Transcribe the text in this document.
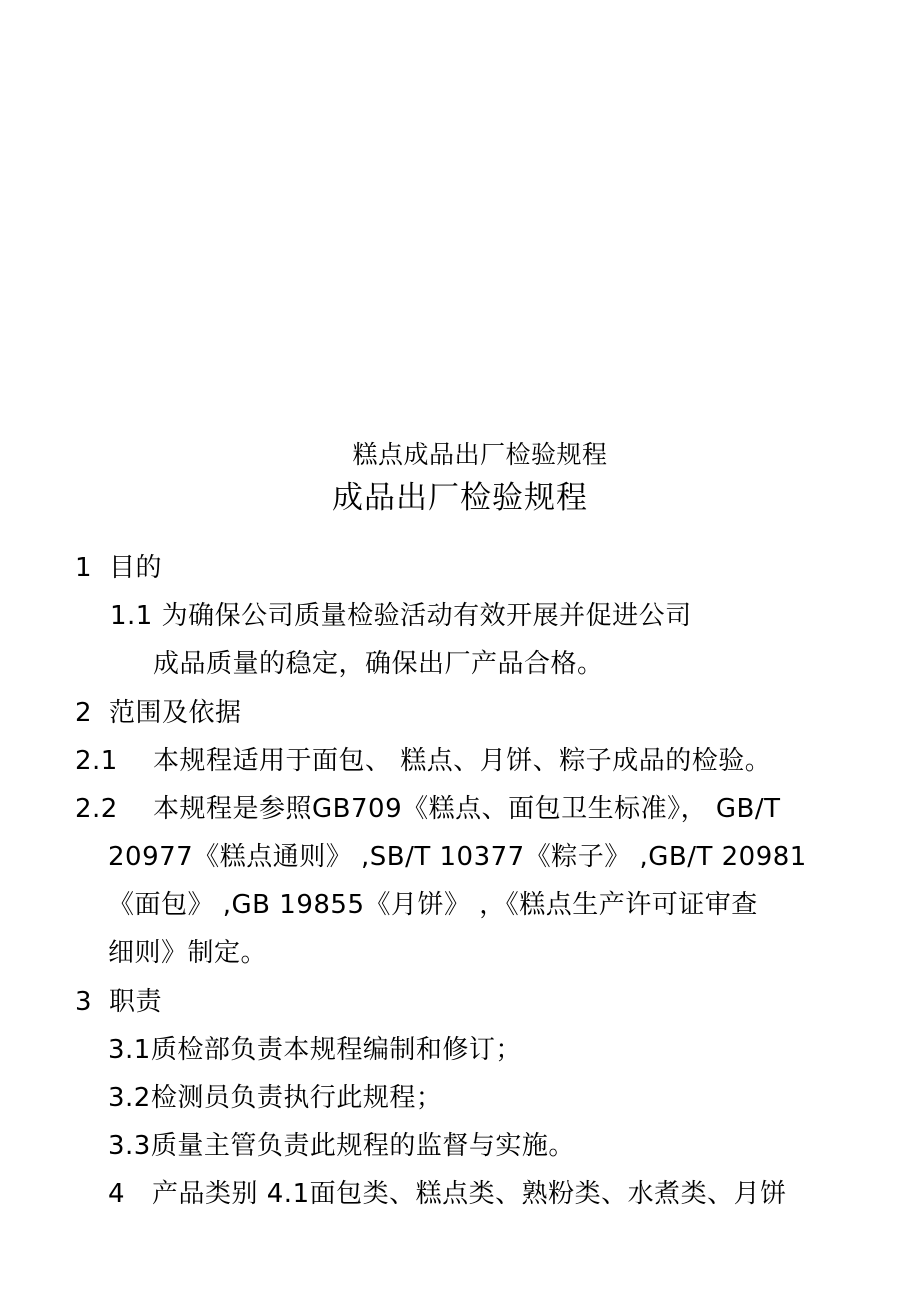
糕点成品出厂检验规程
成品出厂检验规程
1 目的
1.1 为确保公司质量检验活动有效开展并促进公司
成品质量的稳定，确保出厂产品合格。
2 范围及依据
2.1 本规程适用于面包、 糕点、月饼、粽子成品的检验。
2.2 本规程是参照GB709《糕点、面包卫生标准》， GB/T
20977《糕点通则》 ,SB/T 10377《粽子》 ,GB/T 20981
《面包》 ,GB 19855《月饼》 ，《糕点生产许可证审查
细则》制定。
3 职责
3.1质检部负责本规程编制和修订；
3.2检测员负责执行此规程；
3.3质量主管负责此规程的监督与实施。
4 产品类别 4.1面包类、糕点类、熟粉类、水煮类、月饼
